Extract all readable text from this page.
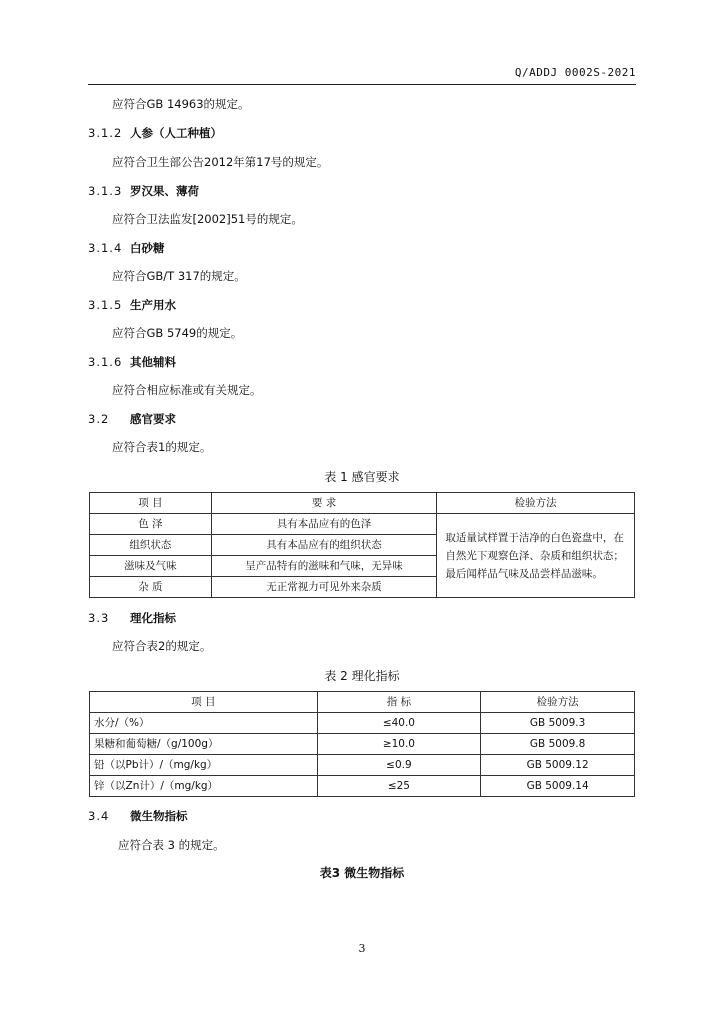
Q/ADDJ 0002S-2021
应符合GB 14963的规定。
3.1.2 人参（人工种植）
应符合卫生部公告2012年第17号的规定。
3.1.3 罗汉果、薄荷
应符合卫法监发[2002]51号的规定。
3.1.4 白砂糖
应符合GB/T 317的规定。
3.1.5 生产用水
应符合GB 5749的规定。
3.1.6 其他辅料
应符合相应标准或有关规定。
3.2 感官要求
应符合表1的规定。
表 1 感官要求
项 目	要 求	检验方法
色 泽	具有本品应有的色泽	取适量试样置于洁净的白色瓷盘中，在自然光下观察色泽、杂质和组织状态；最后闻样品气味及品尝样品滋味。
组织状态	具有本品应有的组织状态	
滋味及气味	呈产品特有的滋味和气味，无异味	
杂 质	无正常视力可见外来杂质	
3.3 理化指标
应符合表2的规定。
表 2 理化指标
项 目	指 标	检验方法
水分/（%）	≤40.0	GB 5009.3
果糖和葡萄糖/（g/100g）	≥10.0	GB 5009.8
铅（以Pb计）/（mg/kg）	≤0.9	GB 5009.12
锌（以Zn计）/（mg/kg）	≤25	GB 5009.14
3.4 微生物指标
应符合表 3 的规定。
表3 微生物指标
3
